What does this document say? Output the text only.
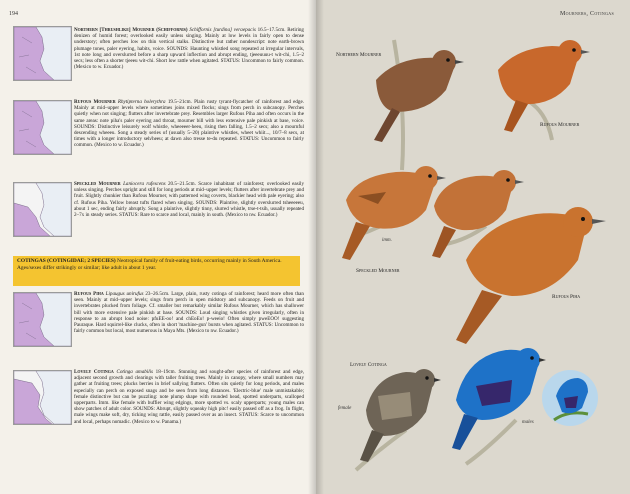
194
Northern [Thrushlike] Mourner (Schiffornis) Schiffornis [turdina] veraepacis 16.5–17.5cm. Retiring denizen of humid forest; overlooked easily unless singing. Mainly at low levels in fairly open to dense understory; often perches low on thin vertical stalks. Distinctive but rather nondescript: note earth-brown plumage tones, paler eyering, habits, voice. SOUNDS: Haunting whistled song repeated at irregular intervals, 1st note long and overslurred before a sharp upward inflection and abrupt ending, tjeeeuuuu-t wit-chi, 1.5–2 secs; less often a shorter tjeeeu wit-chi. Short low rattle when agitated. STATUS: Uncommon to fairly common. (Mexico to w. Ecuador.)
Rufous Mourner Rhytipterna holerythra 19.5–21cm. Plain rusty tyrant-flycatcher of rainforest and edge. Mainly at mid–upper levels where sometimes joins mixed flocks; sings from perch in subcanopy. Perches quietly when not singing; flutters after invertebrate prey. Resembles larger Rufous Piha and often occurs in the same areas: note piha's paler eyering and throat, mourner bill with less extensive pale pinkish at base, voice. SOUNDS: Distinctive leisurely wolf whistle, wheeeeer-heeu, rising then falling, 1.5–2 secs; also a mournful descending wheeeu. Song a steady series of (usually 5–20) plaintive whistles, wheet whiit..., 10/7–8 secs, at times with a longer introductory seh/heeu; at dawn also tresse te-du repeated. STATUS: Uncommon to fairly common. (Mexico to w. Ecuador.)
Speckled Mourner Laniocera rufescens 20.5–21.5cm. Scarce inhabitant of rainforest; overlooked easily unless singing. Perches upright and still for long periods at mid–upper levels; flutters after invertebrate prey and fruit. Slightly chunkier than Rufous Mourner, with patterned wing coverts, blackier head with pale eyering; also cf. Rufous Piha. Yellow breast tufts flared when singing. SOUNDS: Plaintive, slightly overslurred tsheeeeeu, about 1 sec, ending fairly abruptly. Song a plaintive, slightly tinny, slurred whistle, trse-t-tsih, usually repeated 2–7x in steady series. STATUS: Rare to scarce and local, mainly in south. (Mexico to nw. Ecuador.)
COTINGAS (COTINGIDAE; 2 SPECIES) Neotropical family of fruit-eating birds, occurring mainly in South America. Ages/sexes differ strikingly or similar; like adult in about 1 year.
Rufous Piha Lipaugus unirufus 23–26.5cm. Large, plain, rusty cotinga of rainforest; heard more often than seen. Mainly at mid–upper levels; sings from perch in open midstory and subcanopy. Feeds on fruit and invertebrates plucked from foliage. Cf. smaller but remarkably similar Rufous Mourner, which has shallower bill with more extensive pale pinkish at base. SOUNDS: Loud singing whistles given irregularly, often in response to an abrupt loud noise: pfuEE-oo! and chEoEo! p-weeio! Often simply pweEOO! suggesting Pauraque. Hard squirrel-like clucks, often in short 'machine-gun' bursts when agitated. STATUS: Uncommon to fairly common but local, most numerous in Maya Mts. (Mexico to nw. Ecuador.)
Lovely Cotinga Cotinga amabilis 18–19cm. Stunning and sought-after species of rainforest and edge, adjacent second growth and clearings with taller fruiting trees. Mainly in canopy, where small numbers may gather at fruiting trees; plucks berries in brief sallying flutters. Often sits quietly for long periods, and males especially can perch on exposed snags and be seen from long distances. 'Electric-blue' male unmistakable; female distinctive but can be puzzling: note plump shape with rounded head, spotted underparts, scalloped upperparts. Imm. like female with buffier wing edgings, more spotted vs. scaly upperparts; young males can show patches of adult color. SOUNDS: Abrupt, slightly squeaky high pitc! easily passed off as a frog. In flight, male wings make soft, dry, ticking wing rattle, easily passed over as an insect. STATUS: Scarce to uncommon and local, perhaps nomadic. (Mexico to w. Panama.)
Mourners, Cotingas
Northern Mourner
Rufous Mourner
imm.
Speckled Mourner
Rufous Piha
Lovely Cotinga
female
males
